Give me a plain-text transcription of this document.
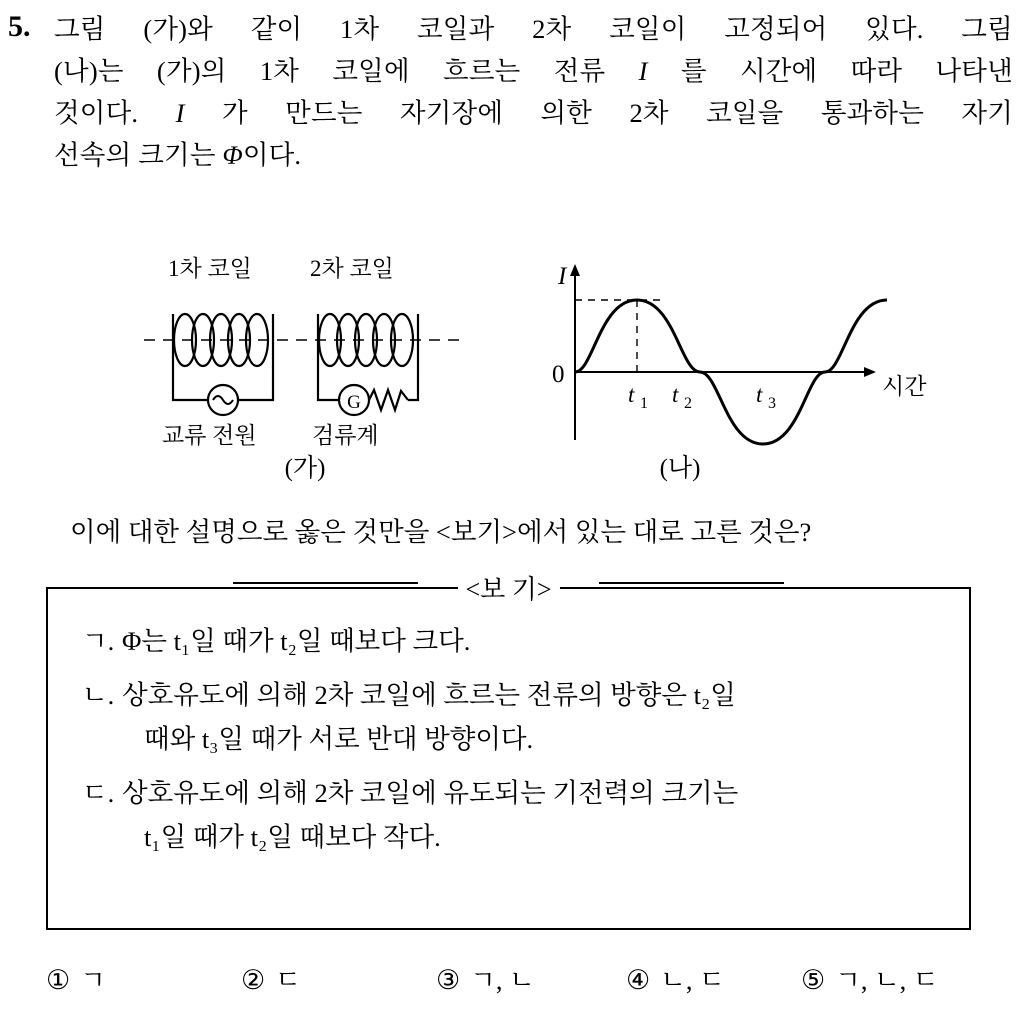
5. 그림 (가)와 같이 1차 코일과 2차 코일이 고정되어 있다. 그림
(나)는 (가)의 1차 코일에 흐르는 전류 I 를 시간에 따라 나타낸
것이다. I 가 만드는 자기장에 의한 2차 코일을 통과하는 자기
선속의 크기는 Φ이다.
1차 코일	2차 코일
G
교류 전원 검류계
(가)
I
0	시간
t 1 t 2	t 3
(나)
이에 대한 설명으로 옳은 것만을 <보기>에서 있는 대로 고른 것은?
<보 기>
ㄱ. Φ는 t₁일 때가 t₂일 때보다 크다.
ㄴ. 상호유도에 의해 2차 코일에 흐르는 전류의 방향은 t₂일
때와 t₃일 때가 서로 반대 방향이다.
ㄷ. 상호유도에 의해 2차 코일에 유도되는 기전력의 크기는
t₁일 때가 t₂일 때보다 작다.
① ㄱ	② ㄷ	③ ㄱ, ㄴ	④ ㄴ, ㄷ	⑤ ㄱ, ㄴ, ㄷ
